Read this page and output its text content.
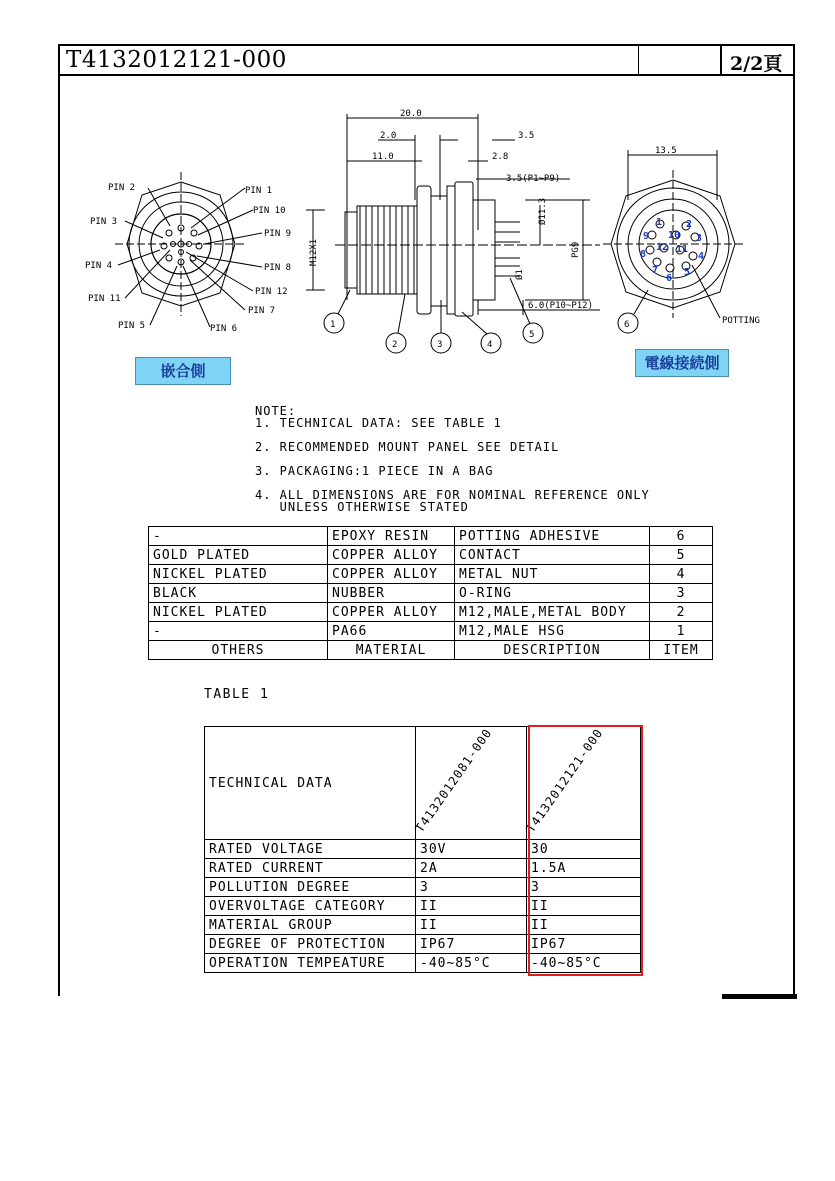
T4132012121-000	2/2頁
PIN 2	PIN 1
PIN 10
PIN 3
PIN 9
PIN 4	PIN 8
PIN 11
PIN 12
PIN 7
PIN 5	PIN 6
20.0
2.0	3.5
11.0	2.8
3.5(P1~P9)
6.0(P10~P12)
13.5
M12X1	PG9
Ø11.3
Ø1
1
2	3	4
5
6	POTTING
1 2
3
4
5
6
7
8
9 10
11
12
嵌合側	電線接続側
NOTE:
1. TECHNICAL DATA: SEE TABLE 1
2. RECOMMENDED MOUNT PANEL SEE DETAIL
3. PACKAGING:1 PIECE IN A BAG
4. ALL DIMENSIONS ARE FOR NOMINAL REFERENCE ONLY
UNLESS OTHERWISE STATED
-	EPOXY RESIN	POTTING ADHESIVE	6
GOLD PLATED	COPPER ALLOY	CONTACT	5
NICKEL PLATED	COPPER ALLOY	METAL NUT	4
BLACK	NUBBER	O-RING	3
NICKEL PLATED	COPPER ALLOY	M12,MALE,METAL BODY	2
-	PA66	M12,MALE HSG	1
OTHERS	MATERIAL	DESCRIPTION	ITEM
TABLE 1
TECHNICAL DATA	T4132012081-000	T4132012121-000

RATED VOLTAGE	30V	30
RATED CURRENT	2A	1.5A
POLLUTION DEGREE	3	3
OVERVOLTAGE CATEGORY	II	II
MATERIAL GROUP	II	II
DEGREE OF PROTECTION	IP67	IP67
OPERATION TEMPEATURE	-40~85°C	-40~85°C
